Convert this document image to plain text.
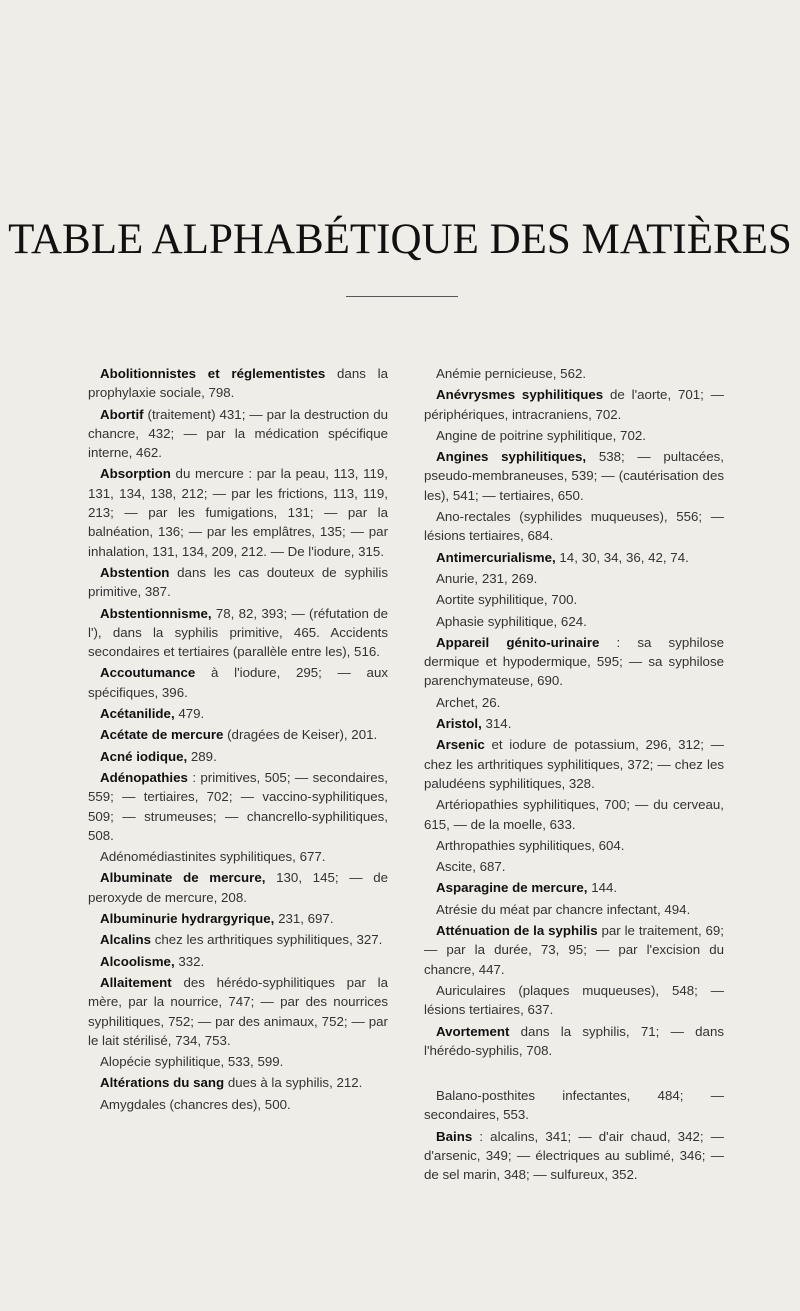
TABLE ALPHABÉTIQUE DES MATIÈRES

Abolitionnistes et réglementistes dans la prophylaxie sociale, 798.

Abortif (traitement) 431; — par la destruction du chancre, 432; — par la médication spécifique interne, 462.

Absorption du mercure : par la peau, 113, 119, 131, 134, 138, 212; — par les frictions, 113, 119, 213; — par les fumigations, 131; — par la balnéation, 136; — par les emplâtres, 135; — par inhalation, 131, 134, 209, 212. — De l'iodure, 315.

Abstention dans les cas douteux de syphilis primitive, 387.

Abstentionnisme, 78, 82, 393; — (réfutation de l'), dans la syphilis primitive, 465. Accidents secondaires et tertiaires (parallèle entre les), 516.

Accoutumance à l'iodure, 295; — aux spécifiques, 396.

Acétanilide, 479.

Acétate de mercure (dragées de Keiser), 201.

Acné iodique, 289.

Adénopathies : primitives, 505; — secondaires, 559; — tertiaires, 702; — vaccino-syphilitiques, 509; — strumeuses; — chancrello-syphilitiques, 508.

Adénomédiastinites syphilitiques, 677.

Albuminate de mercure, 130, 145; — de peroxyde de mercure, 208.

Albuminurie hydrargyrique, 231, 697.

Alcalins chez les arthritiques syphilitiques, 327.

Alcoolisme, 332.

Allaitement des hérédo-syphilitiques par la mère, par la nourrice, 747; — par des nourrices syphilitiques, 752; — par des animaux, 752; — par le lait stérilisé, 734, 753.

Alopécie syphilitique, 533, 599.

Altérations du sang dues à la syphilis, 212.

Amygdales (chancres des), 500.

Anémie pernicieuse, 562.

Anévrysmes syphilitiques de l'aorte, 701; — périphériques, intracraniens, 702.

Angine de poitrine syphilitique, 702.

Angines syphilitiques, 538; — pultacées, pseudo-membraneuses, 539; — (cautérisation des les), 541; — tertiaires, 650.

Ano-rectales (syphilides muqueuses), 556; — lésions tertiaires, 684.

Antimercurialisme, 14, 30, 34, 36, 42, 74.

Anurie, 231, 269.

Aortite syphilitique, 700.

Aphasie syphilitique, 624.

Appareil génito-urinaire : sa syphilose dermique et hypodermique, 595; — sa syphilose parenchymateuse, 690.

Archet, 26.

Aristol, 314.

Arsenic et iodure de potassium, 296, 312; — chez les arthritiques syphilitiques, 372; — chez les paludéens syphilitiques, 328.

Artériopathies syphilitiques, 700; — du cerveau, 615, — de la moelle, 633.

Arthropathies syphilitiques, 604.

Ascite, 687.

Asparagine de mercure, 144.

Atrésie du méat par chancre infectant, 494.

Atténuation de la syphilis par le traitement, 69; — par la durée, 73, 95; — par l'excision du chancre, 447.

Auriculaires (plaques muqueuses), 548; — lésions tertiaires, 637.

Avortement dans la syphilis, 71; — dans l'hérédo-syphilis, 708.

Balano-posthites infectantes, 484; — secondaires, 553.

Bains : alcalins, 341; — d'air chaud, 342; — d'arsenic, 349; — électriques au sublimé, 346; — de sel marin, 348; — sulfureux, 352.
